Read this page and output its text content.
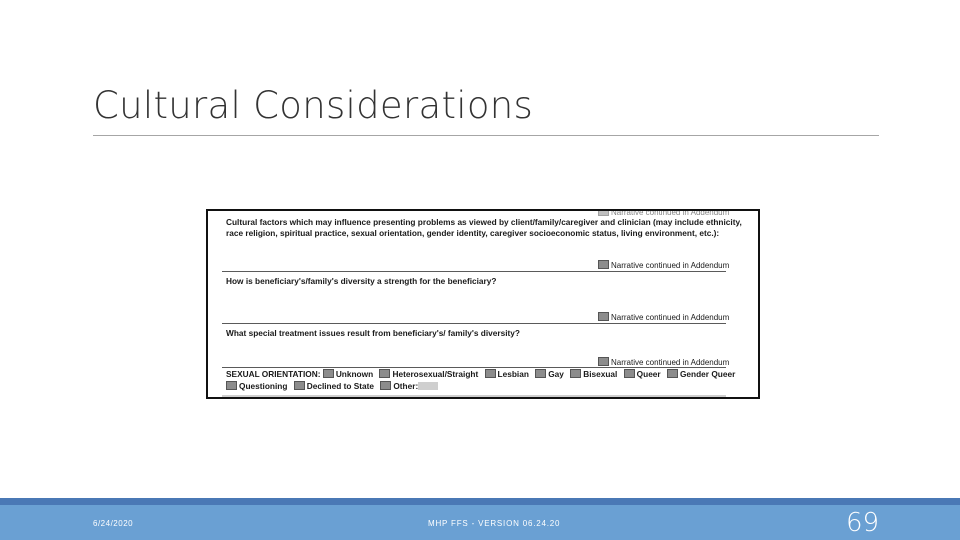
Cultural Considerations
Narrative continued in Addendum
Cultural factors which may influence presenting problems as viewed by client/family/caregiver and clinician (may include ethnicity,
race religion, spiritual practice, sexual orientation, gender identity, caregiver socioeconomic status, living environment, etc.):
Narrative continued in Addendum
How is beneficiary's/family's diversity a strength for the beneficiary?
Narrative continued in Addendum
What special treatment issues result from beneficiary's/ family's diversity?
Narrative continued in Addendum
SEXUAL ORIENTATION: Unknown Heterosexual/Straight Lesbian Gay Bisexual Queer Gender Queer
Questioning Declined to State Other:
6/24/2020	MHP FFS - VERSION 06.24.20	69
